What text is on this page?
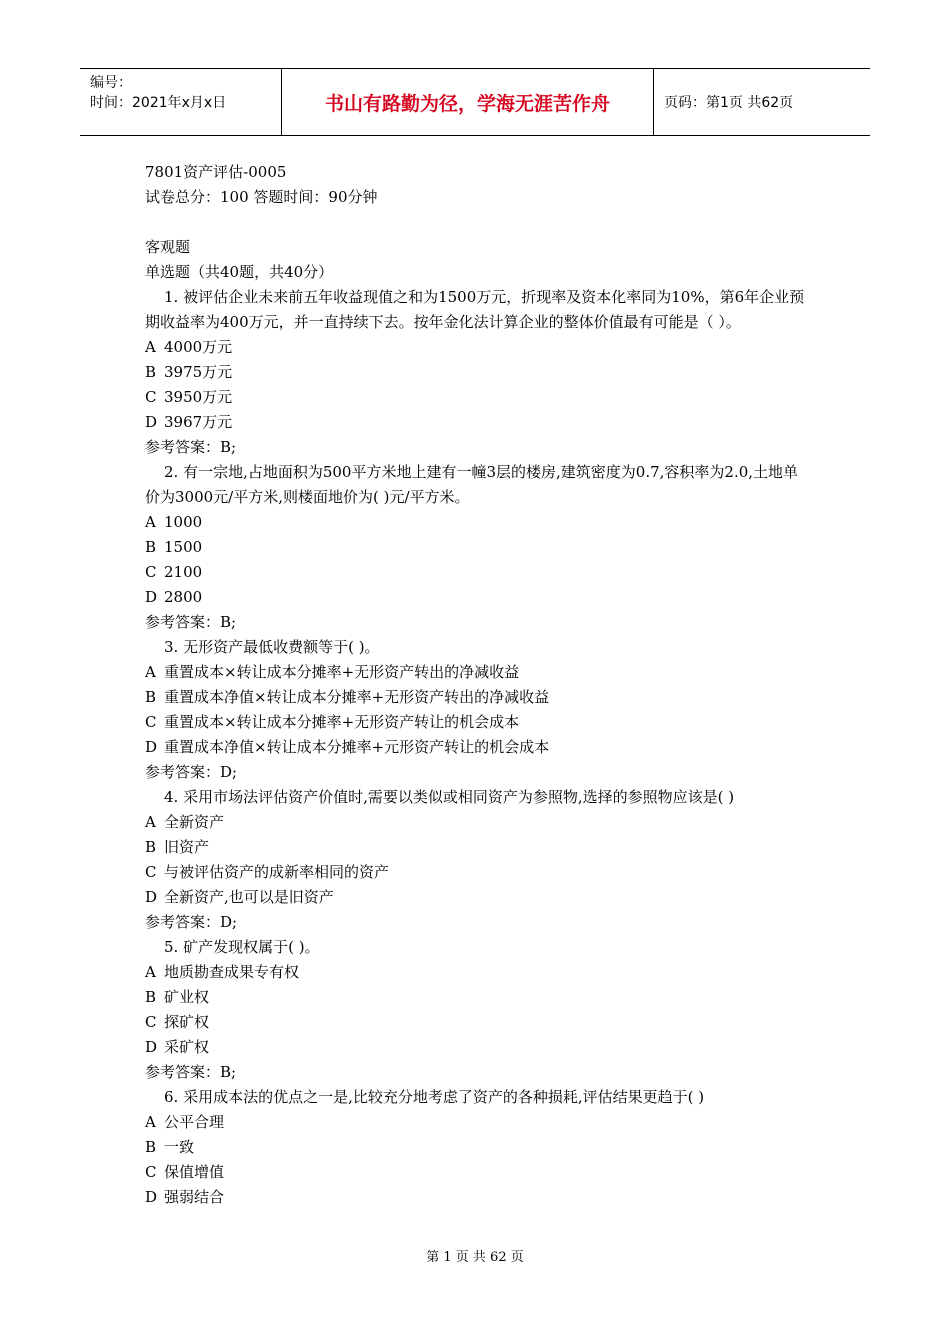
编号：
时间：2021年x月x日	书山有路勤为径，学海无涯苦作舟	页码：第1页 共62页

7801资产评估-0005

试卷总分：100 答题时间：90分钟

客观题

单选题（共40题，共40分）

1. 被评估企业未来前五年收益现值之和为1500万元，折现率及资本化率同为10%，第6年企业预期收益率为400万元，并一直持续下去。按年金化法计算企业的整体价值最有可能是（ ）。

A 4000万元

B 3975万元

C 3950万元

D 3967万元

参考答案：B;

2. 有一宗地,占地面积为500平方米地上建有一幢3层的楼房,建筑密度为0.7,容积率为2.0,土地单价为3000元/平方米,则楼面地价为( )元/平方米。

A 1000

B 1500

C 2100

D 2800

参考答案：B;

3. 无形资产最低收费额等于( )。

A 重置成本×转让成本分摊率+无形资产转出的净减收益

B 重置成本净值×转让成本分摊率+无形资产转出的净减收益

C 重置成本×转让成本分摊率+无形资产转让的机会成本

D 重置成本净值×转让成本分摊率+元形资产转让的机会成本

参考答案：D;

4. 采用市场法评估资产价值时,需要以类似或相同资产为参照物,选择的参照物应该是( )

A 全新资产

B 旧资产

C 与被评估资产的成新率相同的资产

D 全新资产,也可以是旧资产

参考答案：D;

5. 矿产发现权属于( )。

A 地质勘查成果专有权

B 矿业权

C 探矿权

D 采矿权

参考答案：B;

6. 采用成本法的优点之一是,比较充分地考虑了资产的各种损耗,评估结果更趋于( )

A 公平合理

B 一致

C 保值增值

D 强弱结合

第 1 页 共 62 页
